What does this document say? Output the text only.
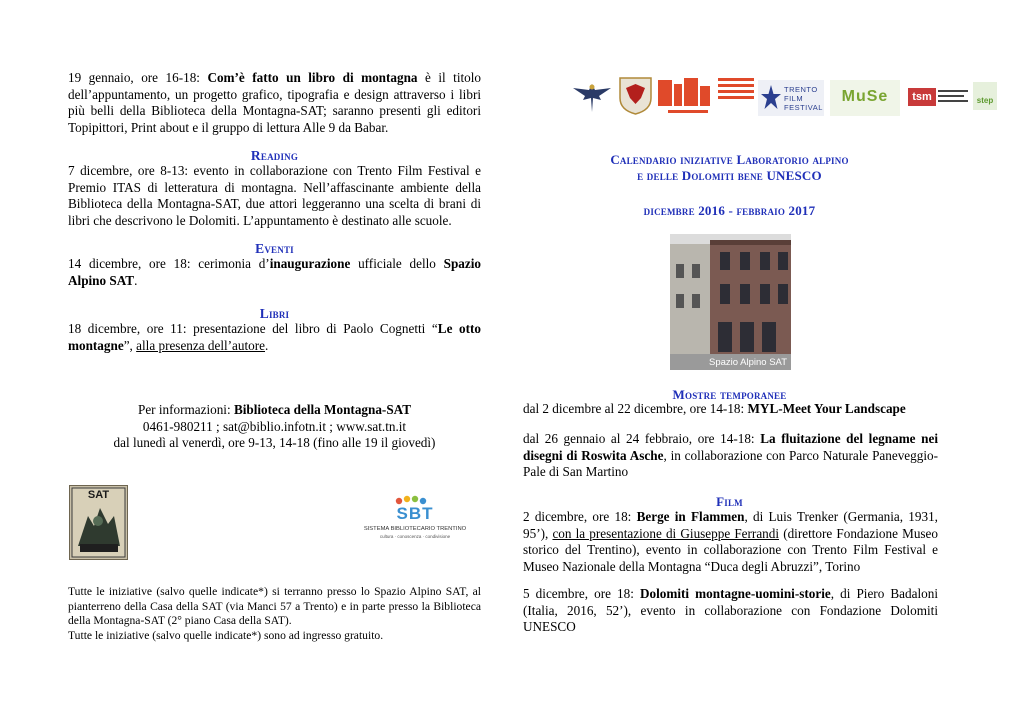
19 gennaio, ore 16-18: Com’è fatto un libro di montagna è il titolo dell’appuntamento, un progetto grafico, tipografia e design attraverso i libri più belli della Biblioteca della Montagna-SAT; saranno presenti gli editori Topipittori, Print about e il gruppo di lettura Alle 9 da Babar.
Reading
7 dicembre, ore 8-13: evento in collaborazione con Trento Film Festival e Premio ITAS di letteratura di montagna. Nell’affascinante ambiente della Biblioteca della Montagna-SAT, due attori leggeranno una scelta di brani di libri che descrivono le Dolomiti. L’appuntamento è destinato alle scuole.
Eventi
14 dicembre, ore 18: cerimonia d’inaugurazione ufficiale dello Spazio Alpino SAT.
Libri
18 dicembre, ore 11: presentazione del libro di Paolo Cognetti “Le otto montagne”, alla presenza dell’autore.
Per informazioni: Biblioteca della Montagna-SAT
0461-980211 ; sat@biblio.infotn.it ; www.sat.tn.it
dal lunedì al venerdì, ore 9-13, 14-18 (fino alle 19 il giovedì)
SAT
SBT
SISTEMA BIBLIOTECARIO TRENTINO
cultura · conoscenza · condivisione
Tutte le iniziative (salvo quelle indicate*) si terranno presso lo Spazio Alpino SAT, al pianterreno della Casa della SAT (via Manci 57 a Trento) e in parte presso la Biblioteca della Montagna-SAT (2° piano Casa della SAT).
Tutte le iniziative (salvo quelle indicate*) sono ad ingresso gratuito.
TRENTO
FILM
FESTIVAL
MuSe	tsm	step
Calendario iniziative Laboratorio alpino
e delle Dolomiti bene UNESCO
dicembre 2016 - febbraio 2017
Spazio Alpino SAT
Mostre temporanee
dal 2 dicembre al 22 dicembre, ore 14-18: MYL-Meet Your Landscape
dal 26 gennaio al 24 febbraio, ore 14-18: La fluitazione del legname nei disegni di Roswita Asche, in collaborazione con Parco Naturale Paneveggio-Pale di San Martino
Film
2 dicembre, ore 18: Berge in Flammen, di Luis Trenker (Germania, 1931, 95’), con la presentazione di Giuseppe Ferrandi (direttore Fondazione Museo storico del Trentino), evento in collaborazione con Trento Film Festival e Museo Nazionale della Montagna “Duca degli Abruzzi”, Torino
5 dicembre, ore 18: Dolomiti montagne-uomini-storie, di Piero Badaloni (Italia, 2016, 52’), evento in collaborazione con Fondazione Dolomiti UNESCO
